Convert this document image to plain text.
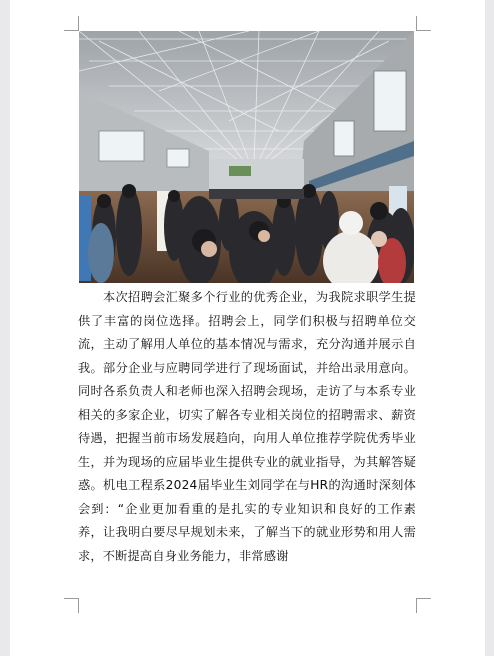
本次招聘会汇聚多个行业的优秀企业，为我院求职学生提供了丰富的岗位选择。招聘会上，同学们积极与招聘单位交流，主动了解用人单位的基本情况与需求，充分沟通并展示自我。部分企业与应聘同学进行了现场面试，并给出录用意向。同时各系负责人和老师也深入招聘会现场，走访了与本系专业相关的多家企业，切实了解各专业相关岗位的招聘需求、薪资待遇，把握当前市场发展趋向，向用人单位推荐学院优秀毕业生，并为现场的应届毕业生提供专业的就业指导，为其解答疑惑。机电工程系2024届毕业生刘同学在与HR的沟通时深刻体会到：“企业更加看重的是扎实的专业知识和良好的工作素养，让我明白要尽早规划未来，了解当下的就业形势和用人需求，不断提高自身业务能力，非常感谢
